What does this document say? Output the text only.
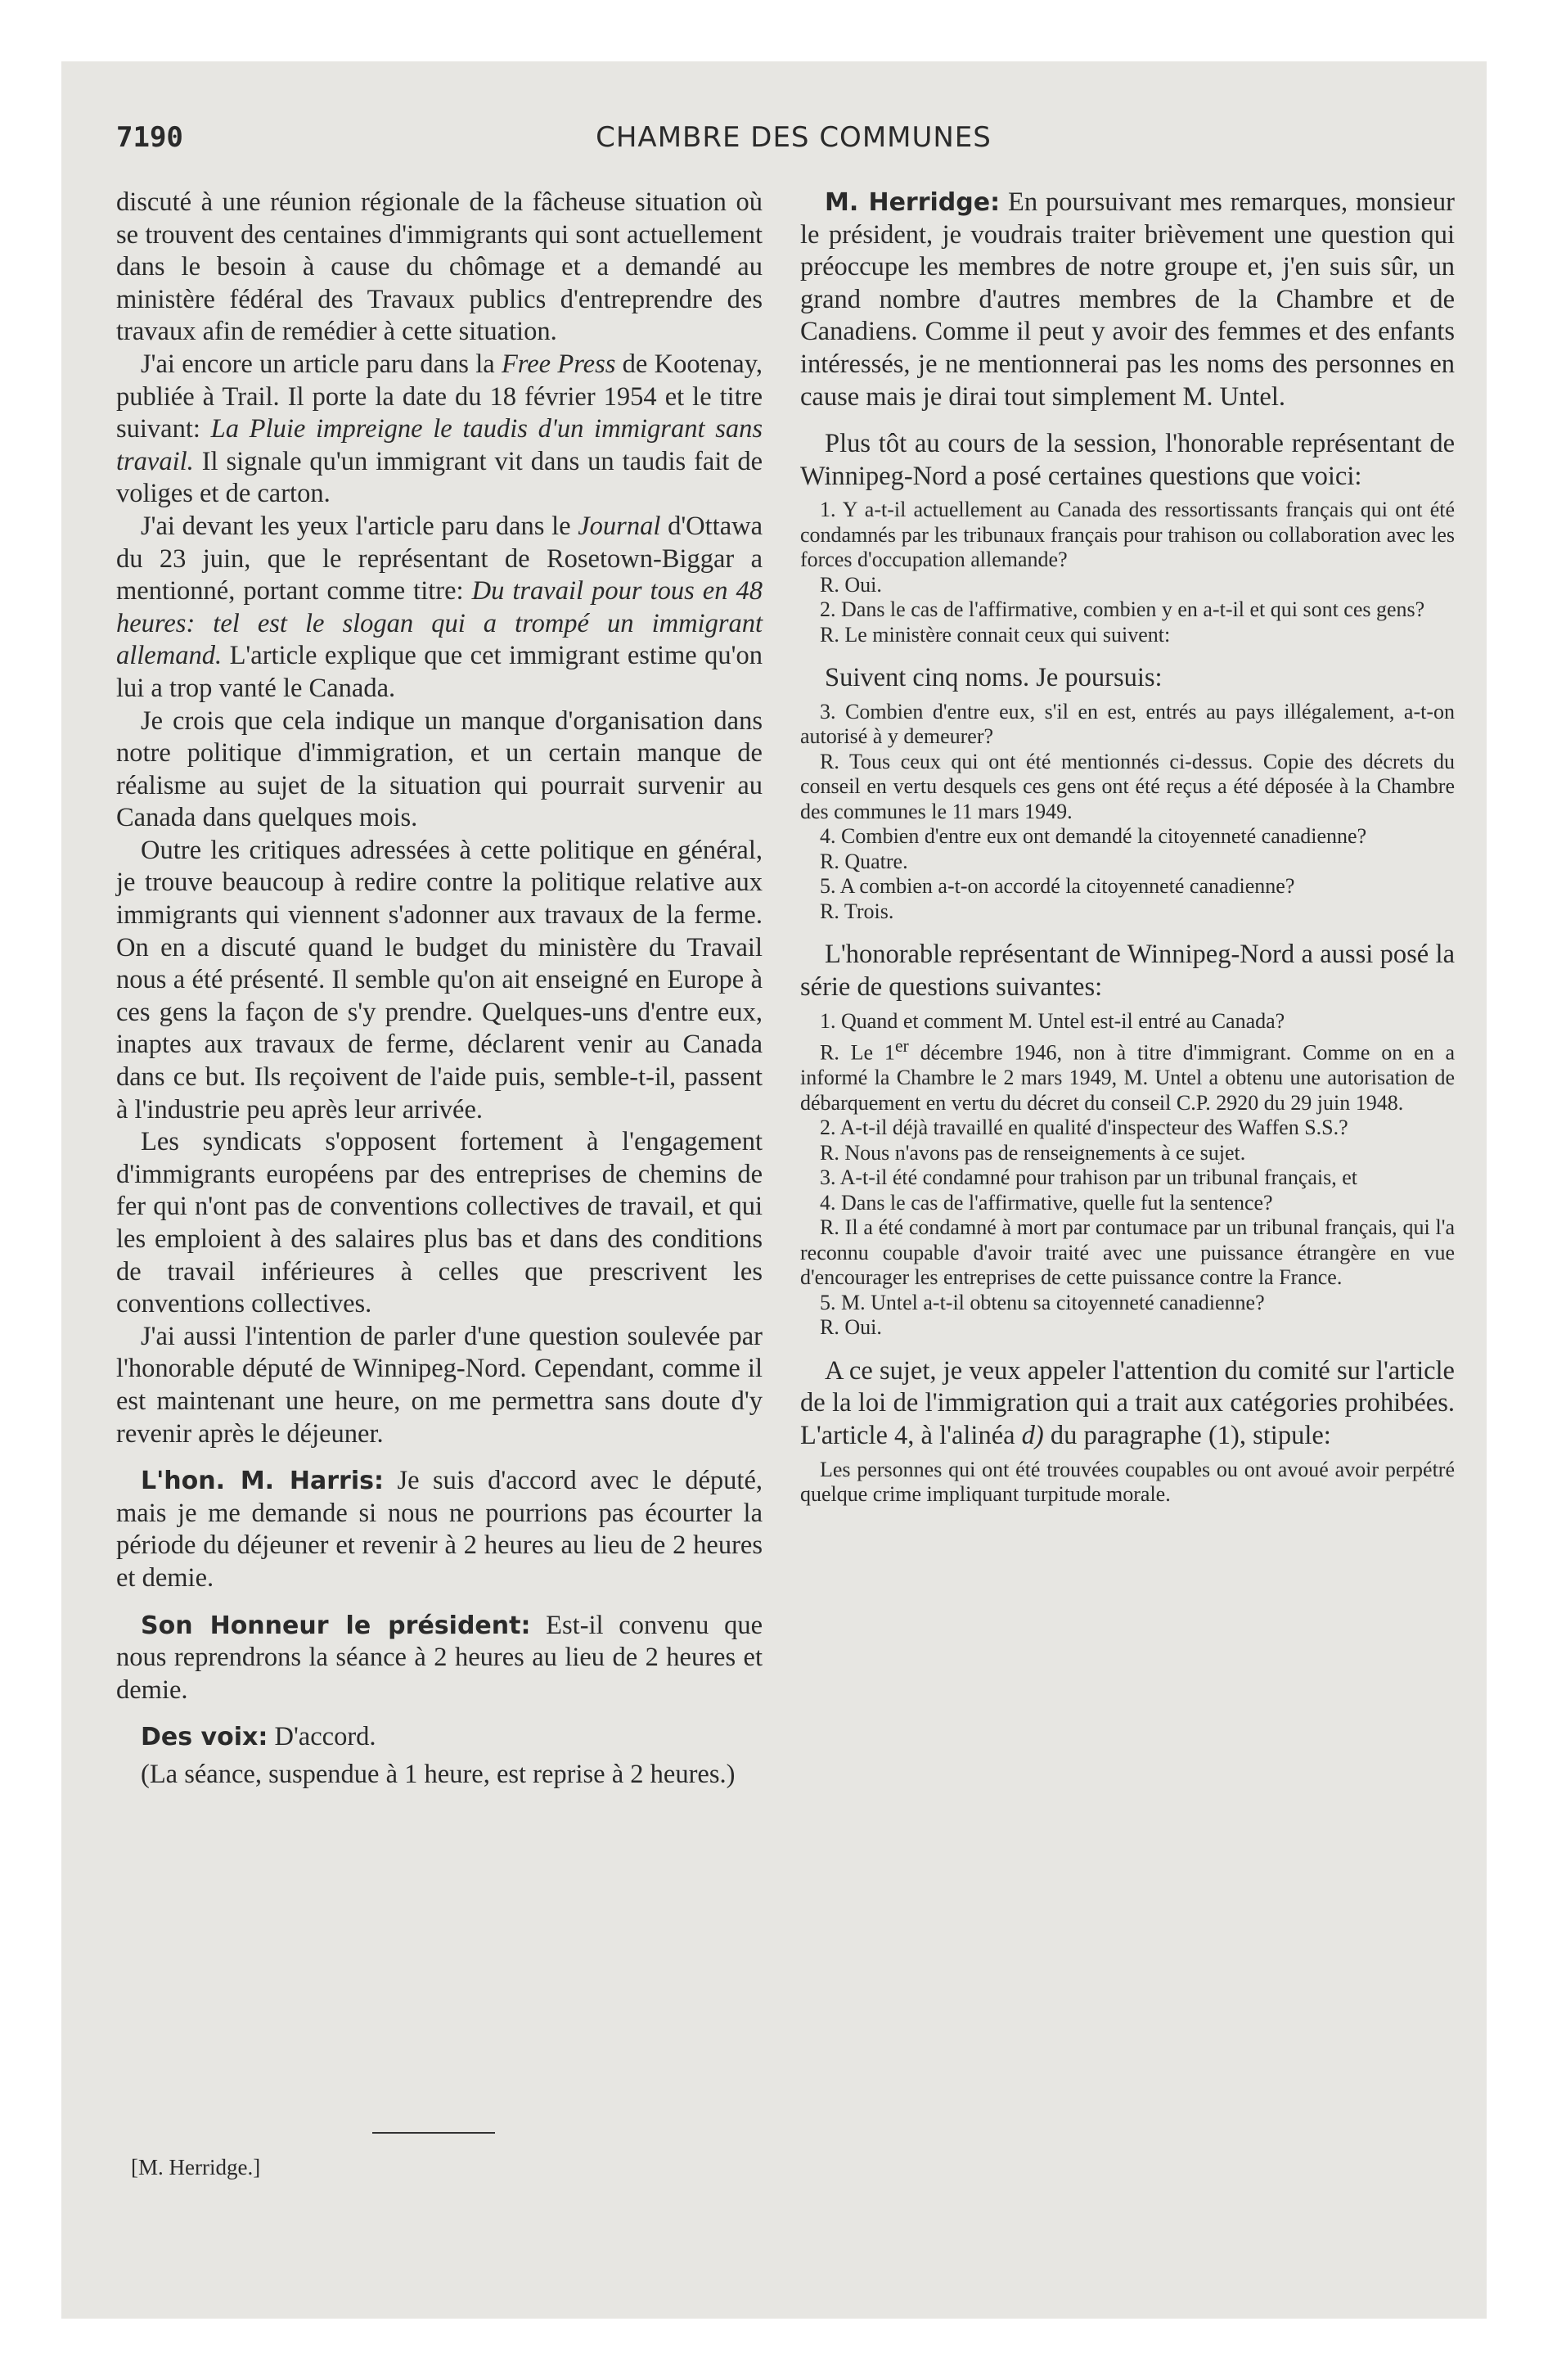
7190	CHAMBRE DES COMMUNES

discuté à une réunion régionale de la fâcheuse situation où se trouvent des centaines d'immigrants qui sont actuellement dans le besoin à cause du chômage et a demandé au ministère fédéral des Travaux publics d'entreprendre des travaux afin de remédier à cette situation.

J'ai encore un article paru dans la Free Press de Kootenay, publiée à Trail. Il porte la date du 18 février 1954 et le titre suivant: La Pluie impreigne le taudis d'un immigrant sans travail. Il signale qu'un immigrant vit dans un taudis fait de voliges et de carton.

J'ai devant les yeux l'article paru dans le Journal d'Ottawa du 23 juin, que le représentant de Rosetown-Biggar a mentionné, portant comme titre: Du travail pour tous en 48 heures: tel est le slogan qui a trompé un immigrant allemand. L'article explique que cet immigrant estime qu'on lui a trop vanté le Canada.

Je crois que cela indique un manque d'organisation dans notre politique d'immigration, et un certain manque de réalisme au sujet de la situation qui pourrait survenir au Canada dans quelques mois.

Outre les critiques adressées à cette politique en général, je trouve beaucoup à redire contre la politique relative aux immigrants qui viennent s'adonner aux travaux de la ferme. On en a discuté quand le budget du ministère du Travail nous a été présenté. Il semble qu'on ait enseigné en Europe à ces gens la façon de s'y prendre. Quelques-uns d'entre eux, inaptes aux travaux de ferme, déclarent venir au Canada dans ce but. Ils reçoivent de l'aide puis, semble-t-il, passent à l'industrie peu après leur arrivée.

Les syndicats s'opposent fortement à l'engagement d'immigrants européens par des entreprises de chemins de fer qui n'ont pas de conventions collectives de travail, et qui les emploient à des salaires plus bas et dans des conditions de travail inférieures à celles que prescrivent les conventions collectives.

J'ai aussi l'intention de parler d'une question soulevée par l'honorable député de Winnipeg-Nord. Cependant, comme il est maintenant une heure, on me permettra sans doute d'y revenir après le déjeuner.

L'hon. M. Harris: Je suis d'accord avec le député, mais je me demande si nous ne pourrions pas écourter la période du déjeuner et revenir à 2 heures au lieu de 2 heures et demie.

Son Honneur le président: Est-il convenu que nous reprendrons la séance à 2 heures au lieu de 2 heures et demie.

Des voix: D'accord.

(La séance, suspendue à 1 heure, est reprise à 2 heures.)

[M. Herridge.]

M. Herridge: En poursuivant mes remarques, monsieur le président, je voudrais traiter brièvement une question qui préoccupe les membres de notre groupe et, j'en suis sûr, un grand nombre d'autres membres de la Chambre et de Canadiens. Comme il peut y avoir des femmes et des enfants intéressés, je ne mentionnerai pas les noms des personnes en cause mais je dirai tout simplement M. Untel.

Plus tôt au cours de la session, l'honorable représentant de Winnipeg-Nord a posé certaines questions que voici:

1. Y a-t-il actuellement au Canada des ressortissants français qui ont été condamnés par les tribunaux français pour trahison ou collaboration avec les forces d'occupation allemande?

R. Oui.

2. Dans le cas de l'affirmative, combien y en a-t-il et qui sont ces gens?

R. Le ministère connait ceux qui suivent:

Suivent cinq noms. Je poursuis:

3. Combien d'entre eux, s'il en est, entrés au pays illégalement, a-t-on autorisé à y demeurer?

R. Tous ceux qui ont été mentionnés ci-dessus. Copie des décrets du conseil en vertu desquels ces gens ont été reçus a été déposée à la Chambre des communes le 11 mars 1949.

4. Combien d'entre eux ont demandé la citoyenneté canadienne?

R. Quatre.

5. A combien a-t-on accordé la citoyenneté canadienne?

R. Trois.

L'honorable représentant de Winnipeg-Nord a aussi posé la série de questions suivantes:

1. Quand et comment M. Untel est-il entré au Canada?

R. Le 1er décembre 1946, non à titre d'immigrant. Comme on en a informé la Chambre le 2 mars 1949, M. Untel a obtenu une autorisation de débarquement en vertu du décret du conseil C.P. 2920 du 29 juin 1948.

2. A-t-il déjà travaillé en qualité d'inspecteur des Waffen S.S.?

R. Nous n'avons pas de renseignements à ce sujet.

3. A-t-il été condamné pour trahison par un tribunal français, et

4. Dans le cas de l'affirmative, quelle fut la sentence?

R. Il a été condamné à mort par contumace par un tribunal français, qui l'a reconnu coupable d'avoir traité avec une puissance étrangère en vue d'encourager les entreprises de cette puissance contre la France.

5. M. Untel a-t-il obtenu sa citoyenneté canadienne?

R. Oui.

A ce sujet, je veux appeler l'attention du comité sur l'article de la loi de l'immigration qui a trait aux catégories prohibées. L'article 4, à l'alinéa d) du paragraphe (1), stipule:

Les personnes qui ont été trouvées coupables ou ont avoué avoir perpétré quelque crime impliquant turpitude morale.
